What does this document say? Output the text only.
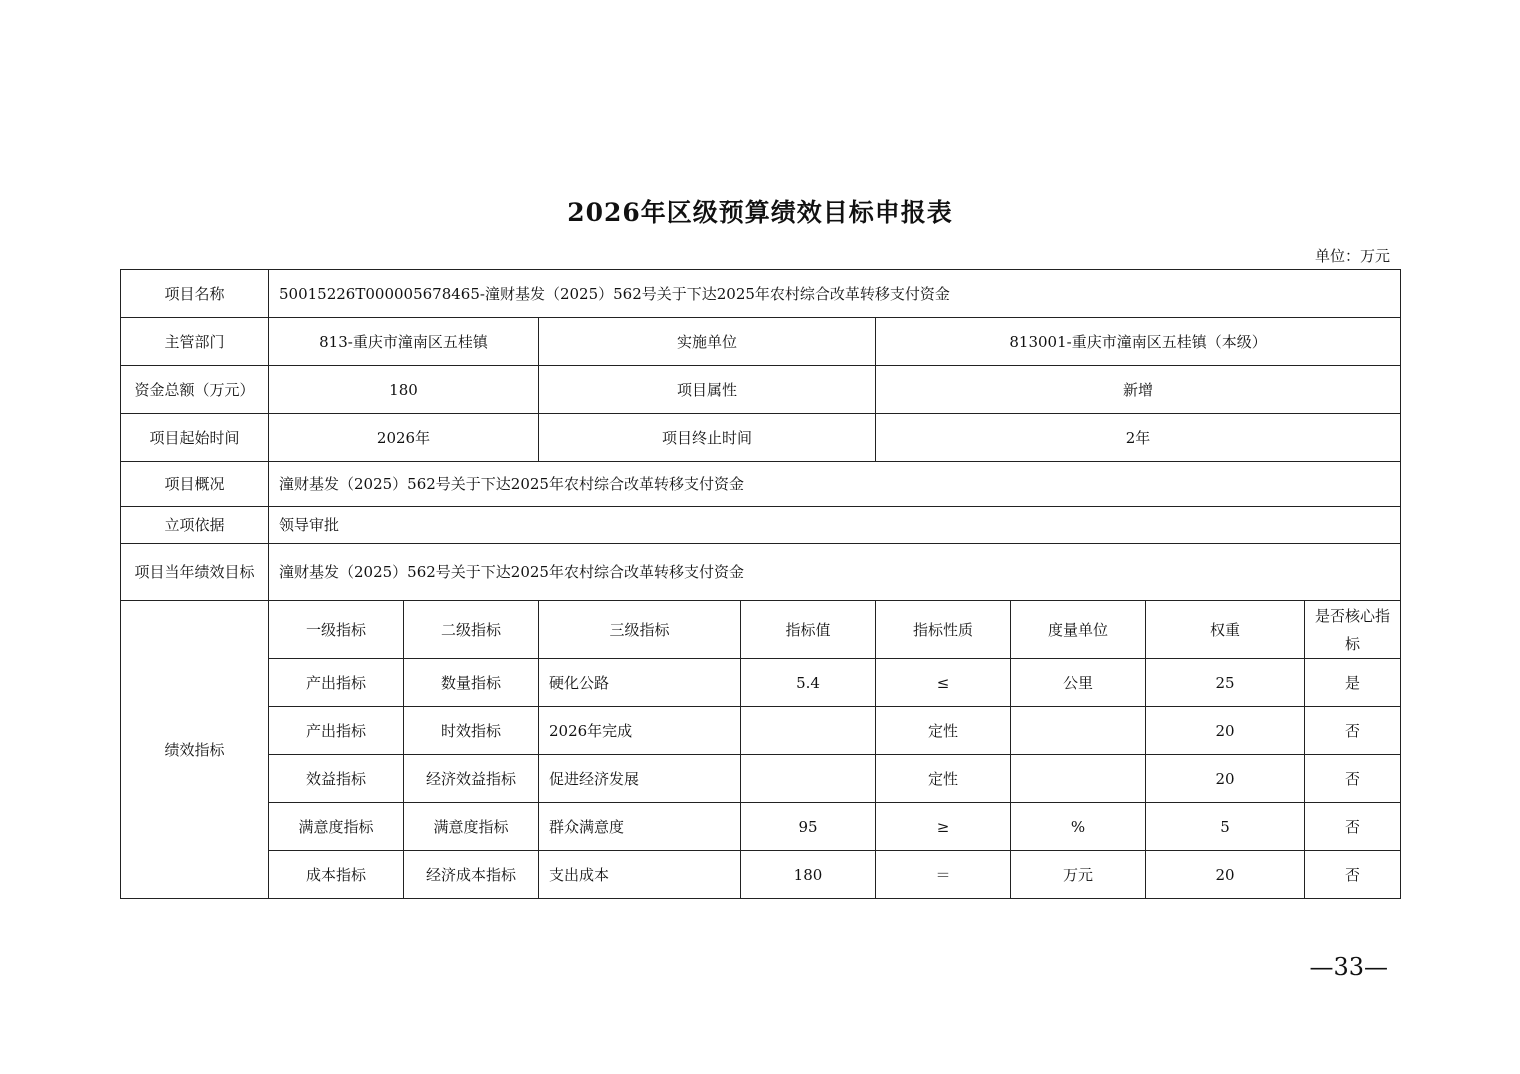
2026年区级预算绩效目标申报表
单位：万元
项目名称	50015226T000005678465-潼财基发（2025）562号关于下达2025年农村综合改革转移支付资金							
主管部门	813-重庆市潼南区五桂镇		实施单位		813001-重庆市潼南区五桂镇（本级）			
资金总额（万元）	180		项目属性		新增			
项目起始时间	2026年		项目终止时间		2年			
项目概况	潼财基发（2025）562号关于下达2025年农村综合改革转移支付资金							
立项依据	领导审批							
项目当年绩效目标	潼财基发（2025）562号关于下达2025年农村综合改革转移支付资金							
绩效指标	一级指标	二级指标	三级指标	指标值	指标性质	度量单位	权重	是否核心指标
	产出指标	数量指标	硬化公路	5.4	≤	公里	25	是
	产出指标	时效指标	2026年完成		定性		20	否
	效益指标	经济效益指标	促进经济发展		定性		20	否
	满意度指标	满意度指标	群众满意度	95	≥	%	5	否
	成本指标	经济成本指标	支出成本	180	＝	万元	20	否
—33—
